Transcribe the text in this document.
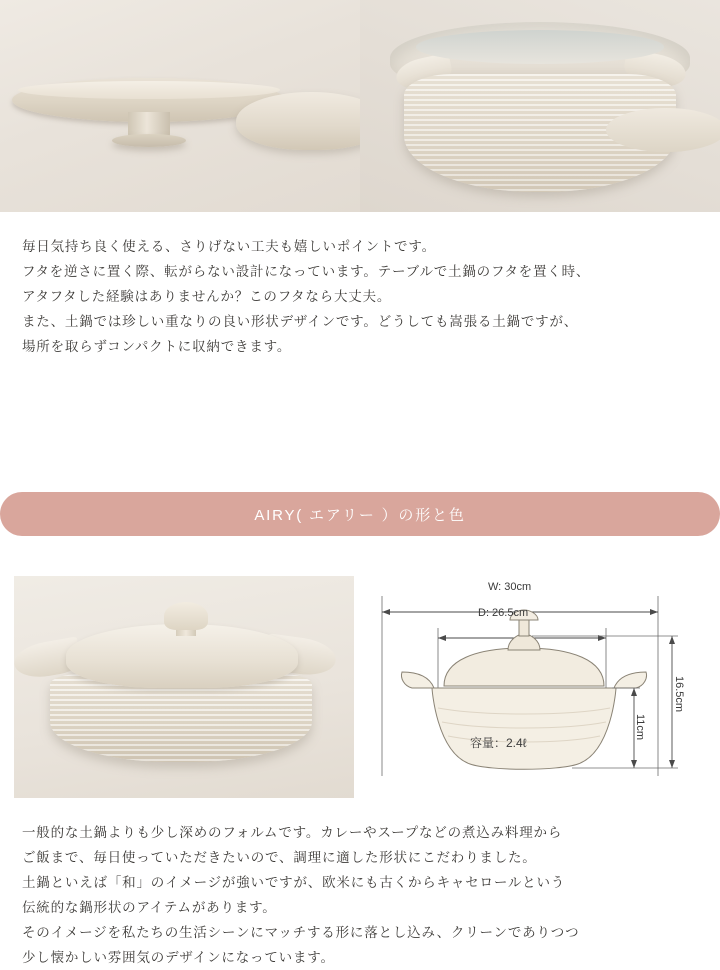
毎日気持ち良く使える、さりげない工夫も嬉しいポイントです。
フタを逆さに置く際、転がらない設計になっています。テーブルで土鍋のフタを置く時、
アタフタした経験はありませんか？このフタなら大丈夫。
また、土鍋では珍しい重なりの良い形状デザインです。どうしても嵩張る土鍋ですが、
場所を取らずコンパクトに収納できます。
AIRY( エアリー ）の形と色
W: 30cm
D: 26.5cm
11cm
16.5cm
容量：2.4ℓ
一般的な土鍋よりも少し深めのフォルムです。カレーやスープなどの煮込み料理から
ご飯まで、毎日使っていただきたいので、調理に適した形状にこだわりました。
土鍋といえば「和」のイメージが強いですが、欧米にも古くからキャセロールという
伝統的な鍋形状のアイテムがあります。
そのイメージを私たちの生活シーンにマッチする形に落とし込み、クリーンでありつつ
少し懐かしい雰囲気のデザインになっています。
